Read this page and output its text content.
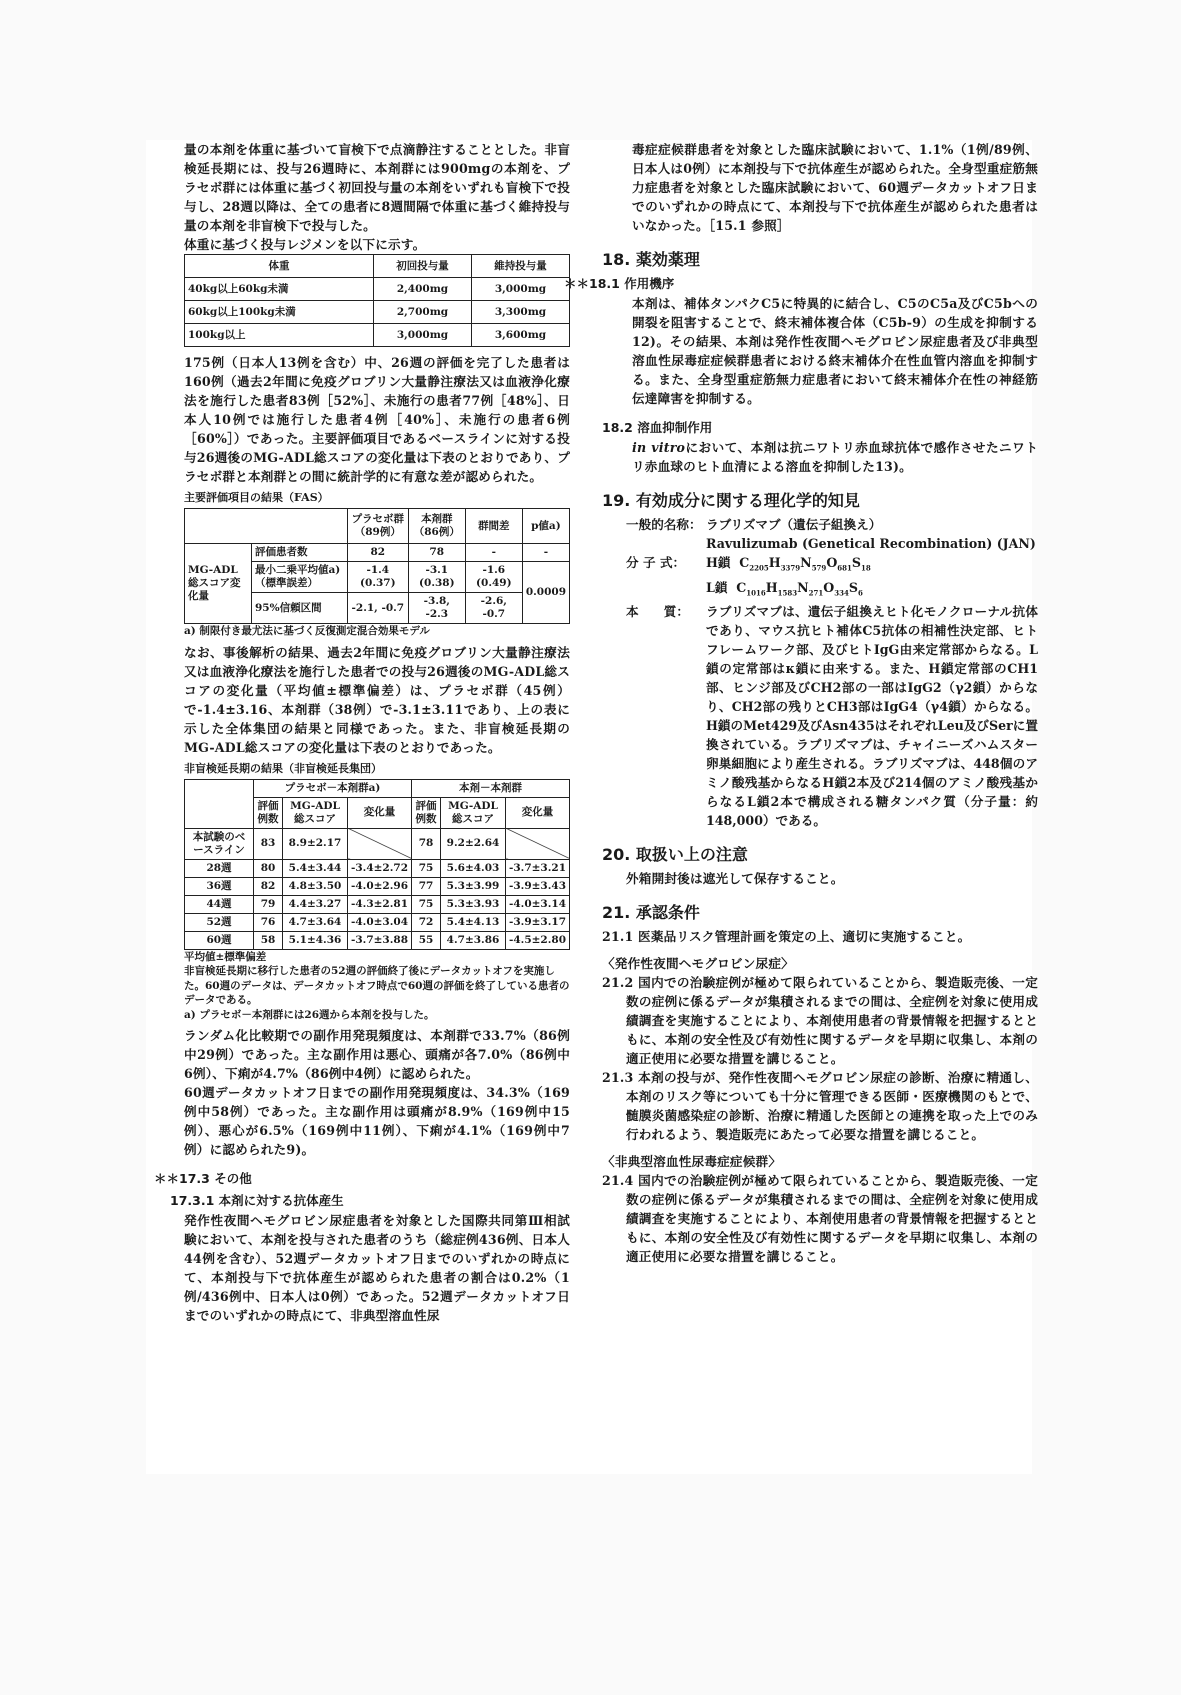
量の本剤を体重に基づいて盲検下で点滴静注することとした。非盲検延長期には、投与26週時に、本剤群には900mgの本剤を、プラセボ群には体重に基づく初回投与量の本剤をいずれも盲検下で投与し、28週以降は、全ての患者に8週間隔で体重に基づく維持投与量の本剤を非盲検下で投与した。

体重に基づく投与レジメンを以下に示す。

体重	初回投与量	維持投与量
40kg以上60kg未満	2,400mg	3,000mg
60kg以上100kg未満	2,700mg	3,300mg
100kg以上	3,000mg	3,600mg

175例（日本人13例を含む）中、26週の評価を完了した患者は160例（過去2年間に免疫グロブリン大量静注療法又は血液浄化療法を施行した患者83例［52%］、未施行の患者77例［48%］、日本人10例では施行した患者4例［40%］、未施行の患者6例［60%］）であった。主要評価項目であるベースラインに対する投与26週後のMG-ADL総スコアの変化量は下表のとおりであり、プラセボ群と本剤群との間に統計学的に有意な差が認められた。

主要評価項目の結果（FAS）

		プラセボ群（89例）	本剤群（86例）	群間差	p値a)
MG-ADL総スコア変化量	評価患者数	82	78	-	-
	最小二乗平均値a)（標準誤差）	-1.4 (0.37)	-3.1 (0.38)	-1.6 (0.49)	0.0009
	95%信頼区間	-2.1, -0.7	-3.8, -2.3	-2.6, -0.7	

a) 制限付き最尤法に基づく反復測定混合効果モデル

なお、事後解析の結果、過去2年間に免疫グロブリン大量静注療法又は血液浄化療法を施行した患者での投与26週後のMG-ADL総スコアの変化量（平均値±標準偏差）は、プラセボ群（45例）で-1.4±3.16、本剤群（38例）で-3.1±3.11であり、上の表に示した全体集団の結果と同様であった。また、非盲検延長期のMG-ADL総スコアの変化量は下表のとおりであった。

非盲検延長期の結果（非盲検延長集団）

	プラセボ－本剤群a)			本剤－本剤群		
	評価例数	MG-ADL総スコア	変化量	評価例数	MG-ADL総スコア	変化量
本試験のベースライン	83	8.9±2.17		78	9.2±2.64	
28週	80	5.4±3.44	-3.4±2.72	75	5.6±4.03	-3.7±3.21
36週	82	4.8±3.50	-4.0±2.96	77	5.3±3.99	-3.9±3.43
44週	79	4.4±3.27	-4.3±2.81	75	5.3±3.93	-4.0±3.14
52週	76	4.7±3.64	-4.0±3.04	72	5.4±4.13	-3.9±3.17
60週	58	5.1±4.36	-3.7±3.88	55	4.7±3.86	-4.5±2.80

平均値±標準偏差

非盲検延長期に移行した患者の52週の評価終了後にデータカットオフを実施した。60週のデータは、データカットオフ時点で60週の評価を終了している患者のデータである。

a) プラセボ－本剤群には26週から本剤を投与した。

ランダム化比較期での副作用発現頻度は、本剤群で33.7%（86例中29例）であった。主な副作用は悪心、頭痛が各7.0%（86例中6例）、下痢が4.7%（86例中4例）に認められた。

60週データカットオフ日までの副作用発現頻度は、34.3%（169例中58例）であった。主な副作用は頭痛が8.9%（169例中15例）、悪心が6.5%（169例中11例）、下痢が4.1%（169例中7例）に認められた9)。

＊＊17.3 その他
17.3.1 本剤に対する抗体産生

発作性夜間ヘモグロビン尿症患者を対象とした国際共同第Ⅲ相試験において、本剤を投与された患者のうち（総症例436例、日本人44例を含む）、52週データカットオフ日までのいずれかの時点にて、本剤投与下で抗体産生が認められた患者の割合は0.2%（1例/436例中、日本人は0例）であった。52週データカットオフ日までのいずれかの時点にて、非典型溶血性尿

毒症症候群患者を対象とした臨床試験において、1.1%（1例/89例、日本人は0例）に本剤投与下で抗体産生が認められた。全身型重症筋無力症患者を対象とした臨床試験において、60週データカットオフ日までのいずれかの時点にて、本剤投与下で抗体産生が認められた患者はいなかった。［15.1 参照］

18. 薬効薬理
＊＊18.1 作用機序

本剤は、補体タンパクC5に特異的に結合し、C5のC5a及びC5bへの開裂を阻害することで、終末補体複合体（C5b-9）の生成を抑制する12)。その結果、本剤は発作性夜間ヘモグロビン尿症患者及び非典型溶血性尿毒症症候群患者における終末補体介在性血管内溶血を抑制する。また、全身型重症筋無力症患者において終末補体介在性の神経筋伝達障害を抑制する。

18.2 溶血抑制作用

in vitroにおいて、本剤は抗ニワトリ赤血球抗体で感作させたニワトリ赤血球のヒト血清による溶血を抑制した13)。

19. 有効成分に関する理化学的知見
一般的名称： ラブリズマブ（遺伝子組換え）
Ravulizumab (Genetical Recombination) (JAN)
分 子 式：	H鎖  $C_{2205}H_{3379}N_{579}O_{681}S_{18}$
L鎖  $C_{1016}H_{1583}N_{271}O_{334}S_6$
本　　質：	ラブリズマブは、遺伝子組換えヒト化モノクローナル抗体であり、マウス抗ヒト補体C5抗体の相補性決定部、ヒトフレームワーク部、及びヒトIgG由来定常部からなる。L鎖の定常部はκ鎖に由来する。また、H鎖定常部のCH1部、ヒンジ部及びCH2部の一部はIgG2（γ2鎖）からなり、CH2部の残りとCH3部はIgG4（γ4鎖）からなる。H鎖のMet429及びAsn435はそれぞれLeu及びSerに置換されている。ラブリズマブは、チャイニーズハムスター卵巣細胞により産生される。ラブリズマブは、448個のアミノ酸残基からなるH鎖2本及び214個のアミノ酸残基からなるL鎖2本で構成される糖タンパク質（分子量：約148,000）である。
20. 取扱い上の注意

外箱開封後は遮光して保存すること。

21. 承認条件

21.1 医薬品リスク管理計画を策定の上、適切に実施すること。

〈発作性夜間ヘモグロビン尿症〉

21.2 国内での治験症例が極めて限られていることから、製造販売後、一定数の症例に係るデータが集積されるまでの間は、全症例を対象に使用成績調査を実施することにより、本剤使用患者の背景情報を把握するとともに、本剤の安全性及び有効性に関するデータを早期に収集し、本剤の適正使用に必要な措置を講じること。

21.3 本剤の投与が、発作性夜間ヘモグロビン尿症の診断、治療に精通し、本剤のリスク等についても十分に管理できる医師・医療機関のもとで、髄膜炎菌感染症の診断、治療に精通した医師との連携を取った上でのみ行われるよう、製造販売にあたって必要な措置を講じること。

〈非典型溶血性尿毒症症候群〉

21.4 国内での治験症例が極めて限られていることから、製造販売後、一定数の症例に係るデータが集積されるまでの間は、全症例を対象に使用成績調査を実施することにより、本剤使用患者の背景情報を把握するとともに、本剤の安全性及び有効性に関するデータを早期に収集し、本剤の適正使用に必要な措置を講じること。
